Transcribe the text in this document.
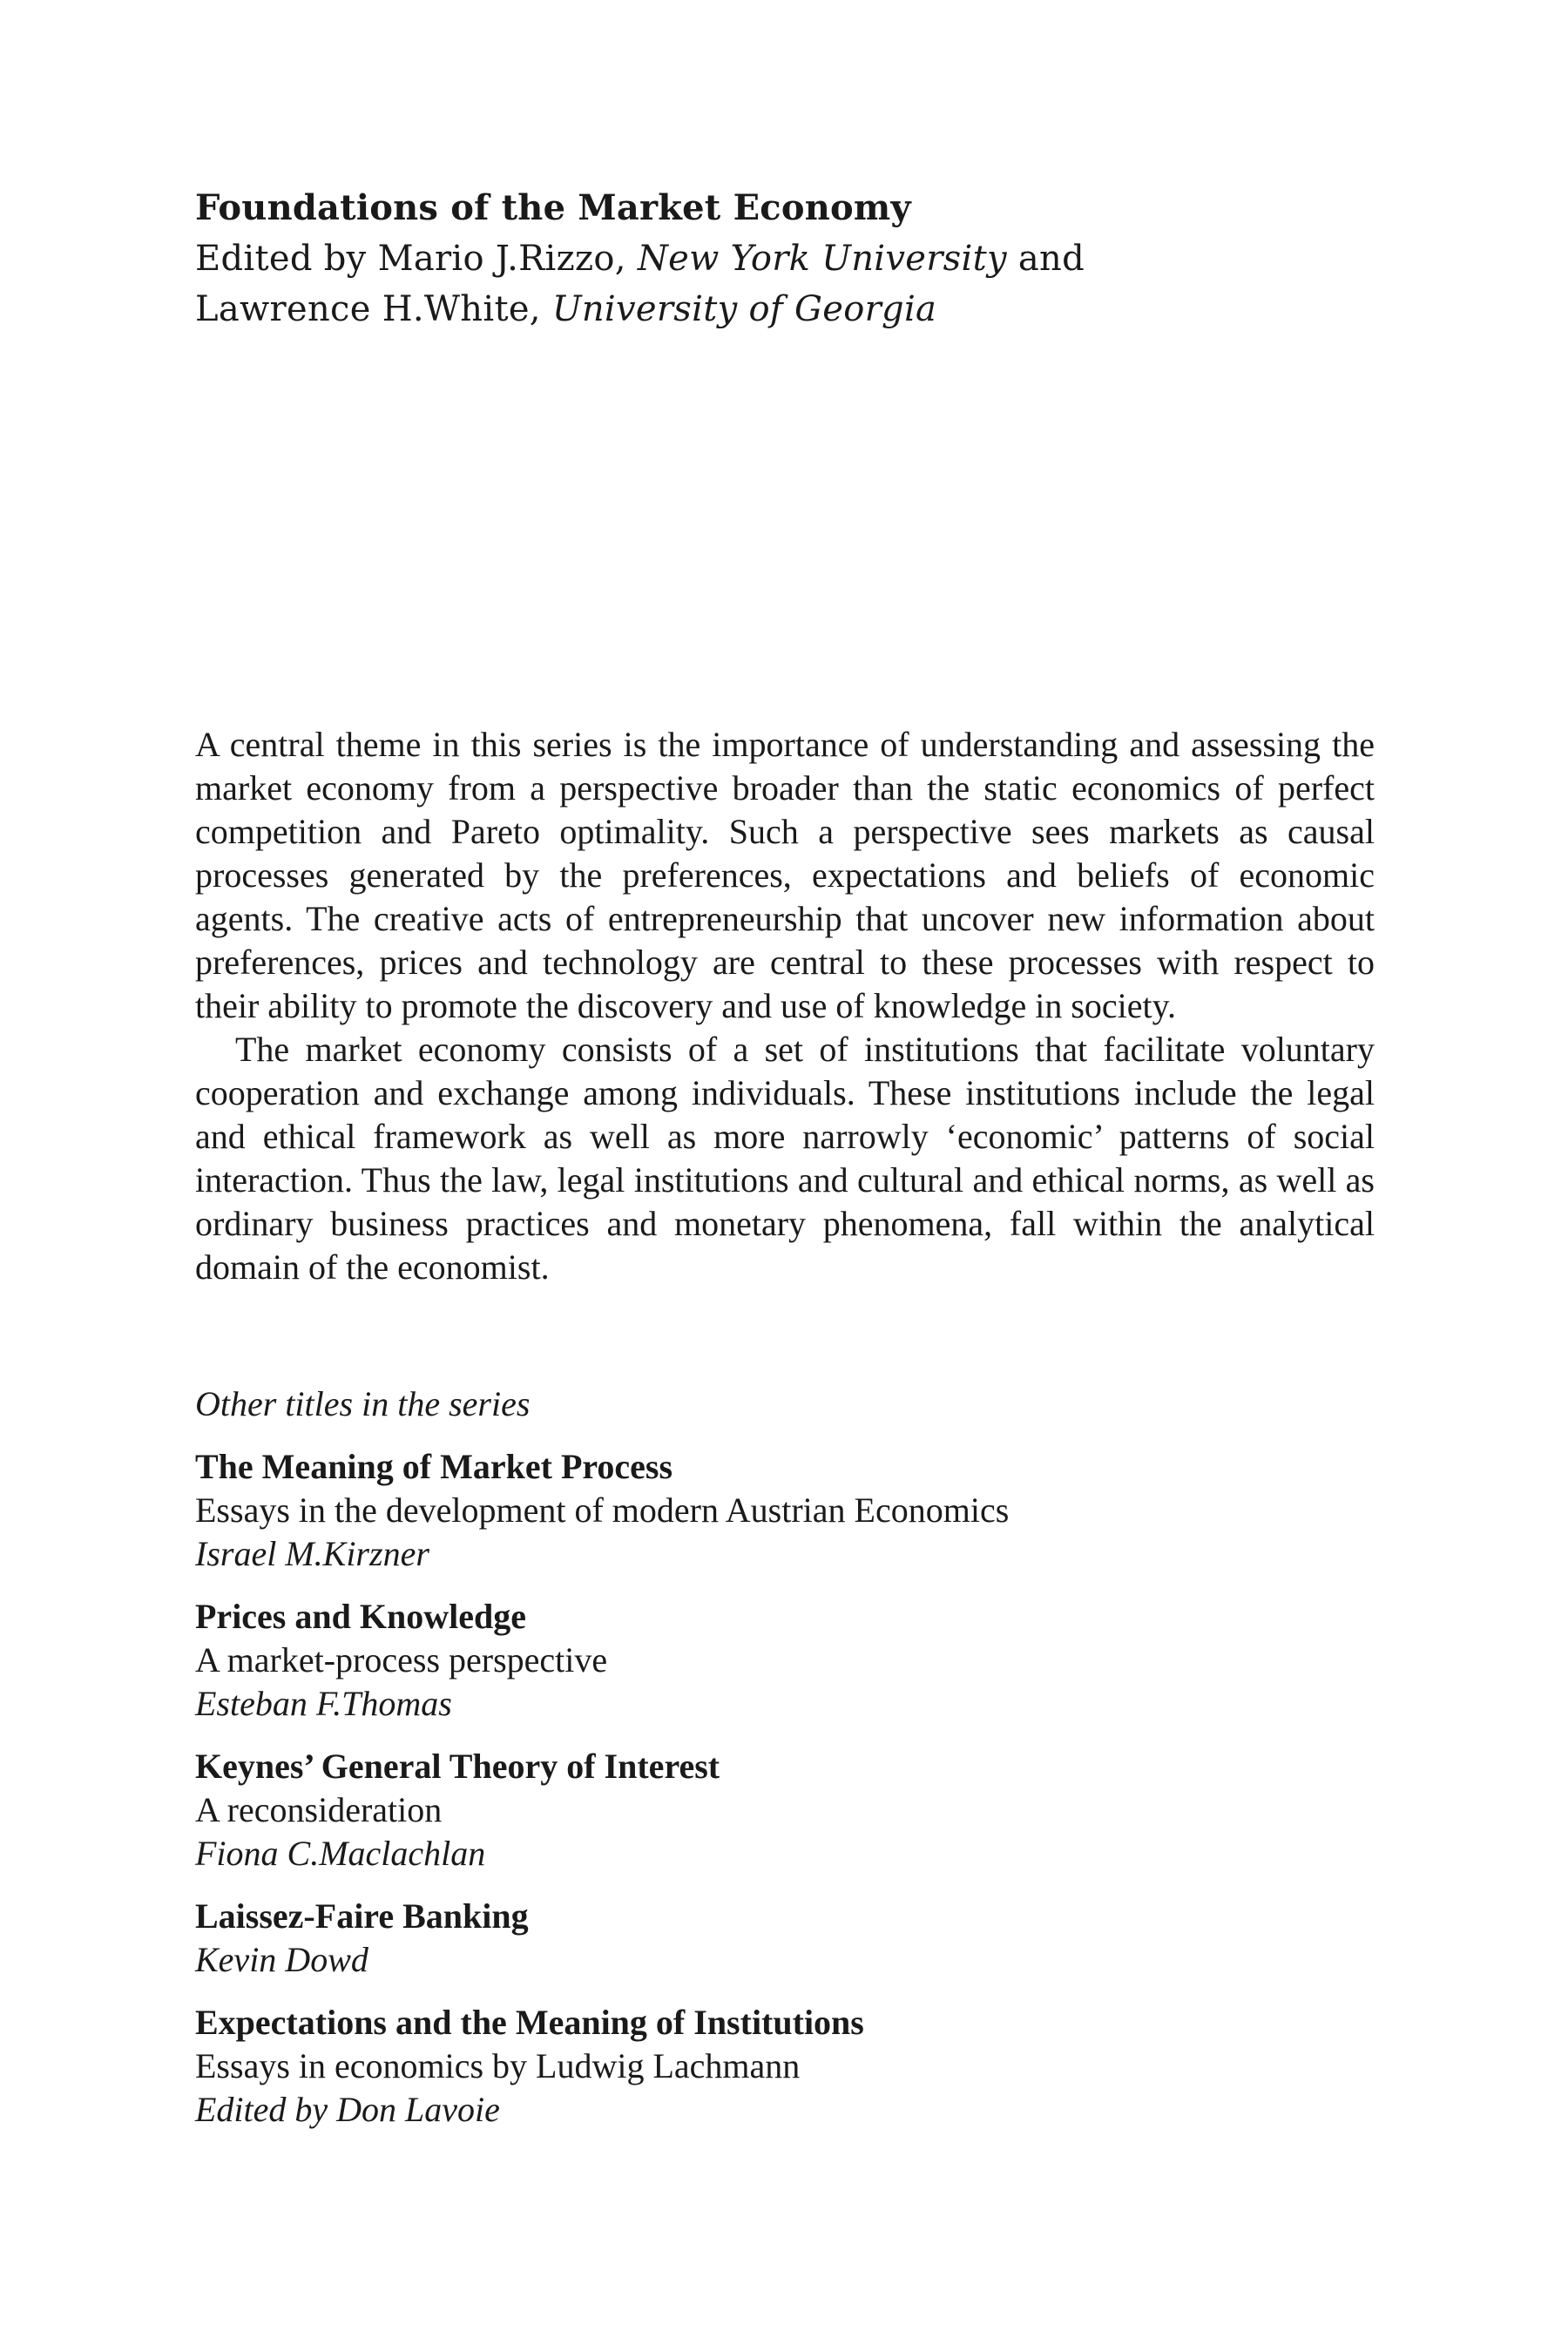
Foundations of the Market Economy
Edited by Mario J.Rizzo, New York University and
Lawrence H.White, University of Georgia

A central theme in this series is the importance of understanding and assessing the market economy from a perspective broader than the static economics of perfect competition and Pareto optimality. Such a perspective sees markets as causal processes generated by the preferences, expectations and beliefs of economic agents. The creative acts of entrepreneurship that uncover new information about preferences, prices and technology are central to these processes with respect to their ability to promote the discovery and use of knowledge in society.

The market economy consists of a set of institutions that facilitate voluntary cooperation and exchange among individuals. These institutions include the legal and ethical framework as well as more narrowly ‘economic’ patterns of social interaction. Thus the law, legal institutions and cultural and ethical norms, as well as ordinary business practices and monetary phenomena, fall within the analytical domain of the economist.

Other titles in the series
The Meaning of Market Process
Essays in the development of modern Austrian Economics
Israel M.Kirzner
Prices and Knowledge
A market-process perspective
Esteban F.Thomas
Keynes’ General Theory of Interest
A reconsideration
Fiona C.Maclachlan
Laissez-Faire Banking
Kevin Dowd
Expectations and the Meaning of Institutions
Essays in economics by Ludwig Lachmann
Edited by Don Lavoie
